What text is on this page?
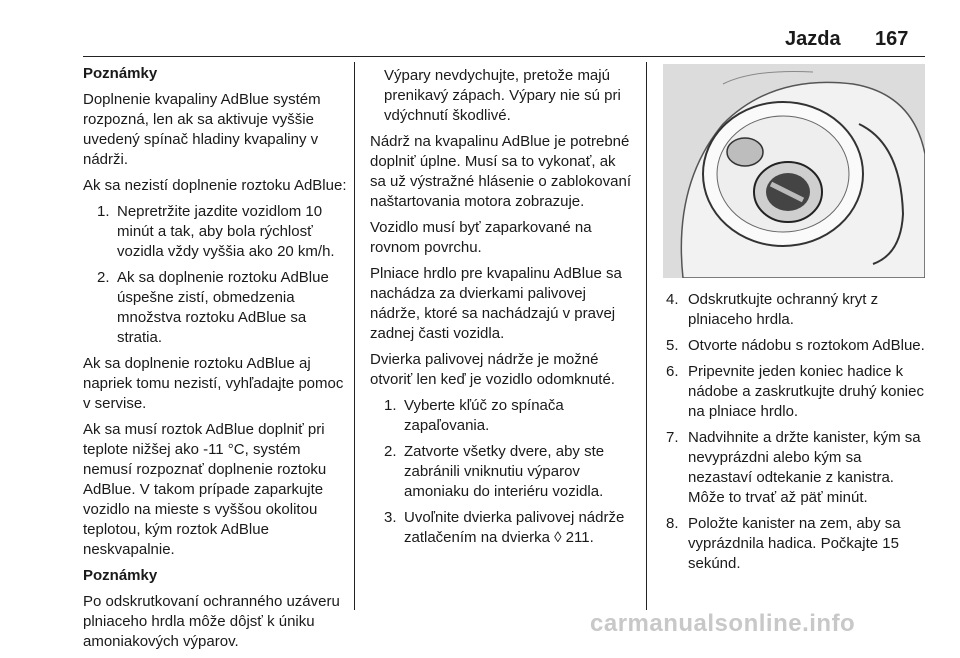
Jazda 167

Poznámky

Doplnenie kvapaliny AdBlue systém rozpozná, len ak sa aktivuje vyššie uvedený spínač hladiny kvapaliny v nádrži.

Ak sa nezistí doplnenie roztoku AdBlue:

1. Nepretržite jazdite vozidlom 10 minút a tak, aby bola rýchlosť vozidla vždy vyššia ako 20 km/h.
2. Ak sa doplnenie roztoku AdBlue úspešne zistí, obmedzenia množstva roztoku AdBlue sa stratia.

Ak sa doplnenie roztoku AdBlue aj napriek tomu nezistí, vyhľadajte pomoc v servise.

Ak sa musí roztok AdBlue doplniť pri teplote nižšej ako -11 °C, systém nemusí rozpoznať doplnenie roztoku AdBlue. V takom prípade zaparkujte vozidlo na mieste s vyššou okolitou teplotou, kým roztok AdBlue neskvapalnie.

Poznámky

Po odskrutkovaní ochranného uzáveru plniaceho hrdla môže dôjsť k úniku amoniakových výparov.

Výpary nevdychujte, pretože majú prenikavý zápach. Výpary nie sú pri vdýchnutí škodlivé.

Nádrž na kvapalinu AdBlue je potrebné doplniť úplne. Musí sa to vykonať, ak sa už výstražné hlásenie o zablokovaní naštartovania motora zobrazuje.

Vozidlo musí byť zaparkované na rovnom povrchu.

Plniace hrdlo pre kvapalinu AdBlue sa nachádza za dvierkami palivovej nádrže, ktoré sa nachádzajú v pravej zadnej časti vozidla.

Dvierka palivovej nádrže je možné otvoriť len keď je vozidlo odomknuté.

1. Vyberte kľúč zo spínača zapaľovania.
2. Zatvorte všetky dvere, aby ste zabránili vniknutiu výparov amoniaku do interiéru vozidla.
3. Uvoľnite dvierka palivovej nádrže zatlačením na dvierka ◊ 211.
4. Odskrutkujte ochranný kryt z plniaceho hrdla.
5. Otvorte nádobu s roztokom AdBlue.
6. Pripevnite jeden koniec hadice k nádobe a zaskrutkujte druhý koniec na plniace hrdlo.
7. Nadvihnite a držte kanister, kým sa nevyprázdni alebo kým sa nezastaví odtekanie z kanistra. Môže to trvať až päť minút.
8. Položte kanister na zem, aby sa vyprázdnila hadica. Počkajte 15 sekúnd.
carmanualsonline.info
